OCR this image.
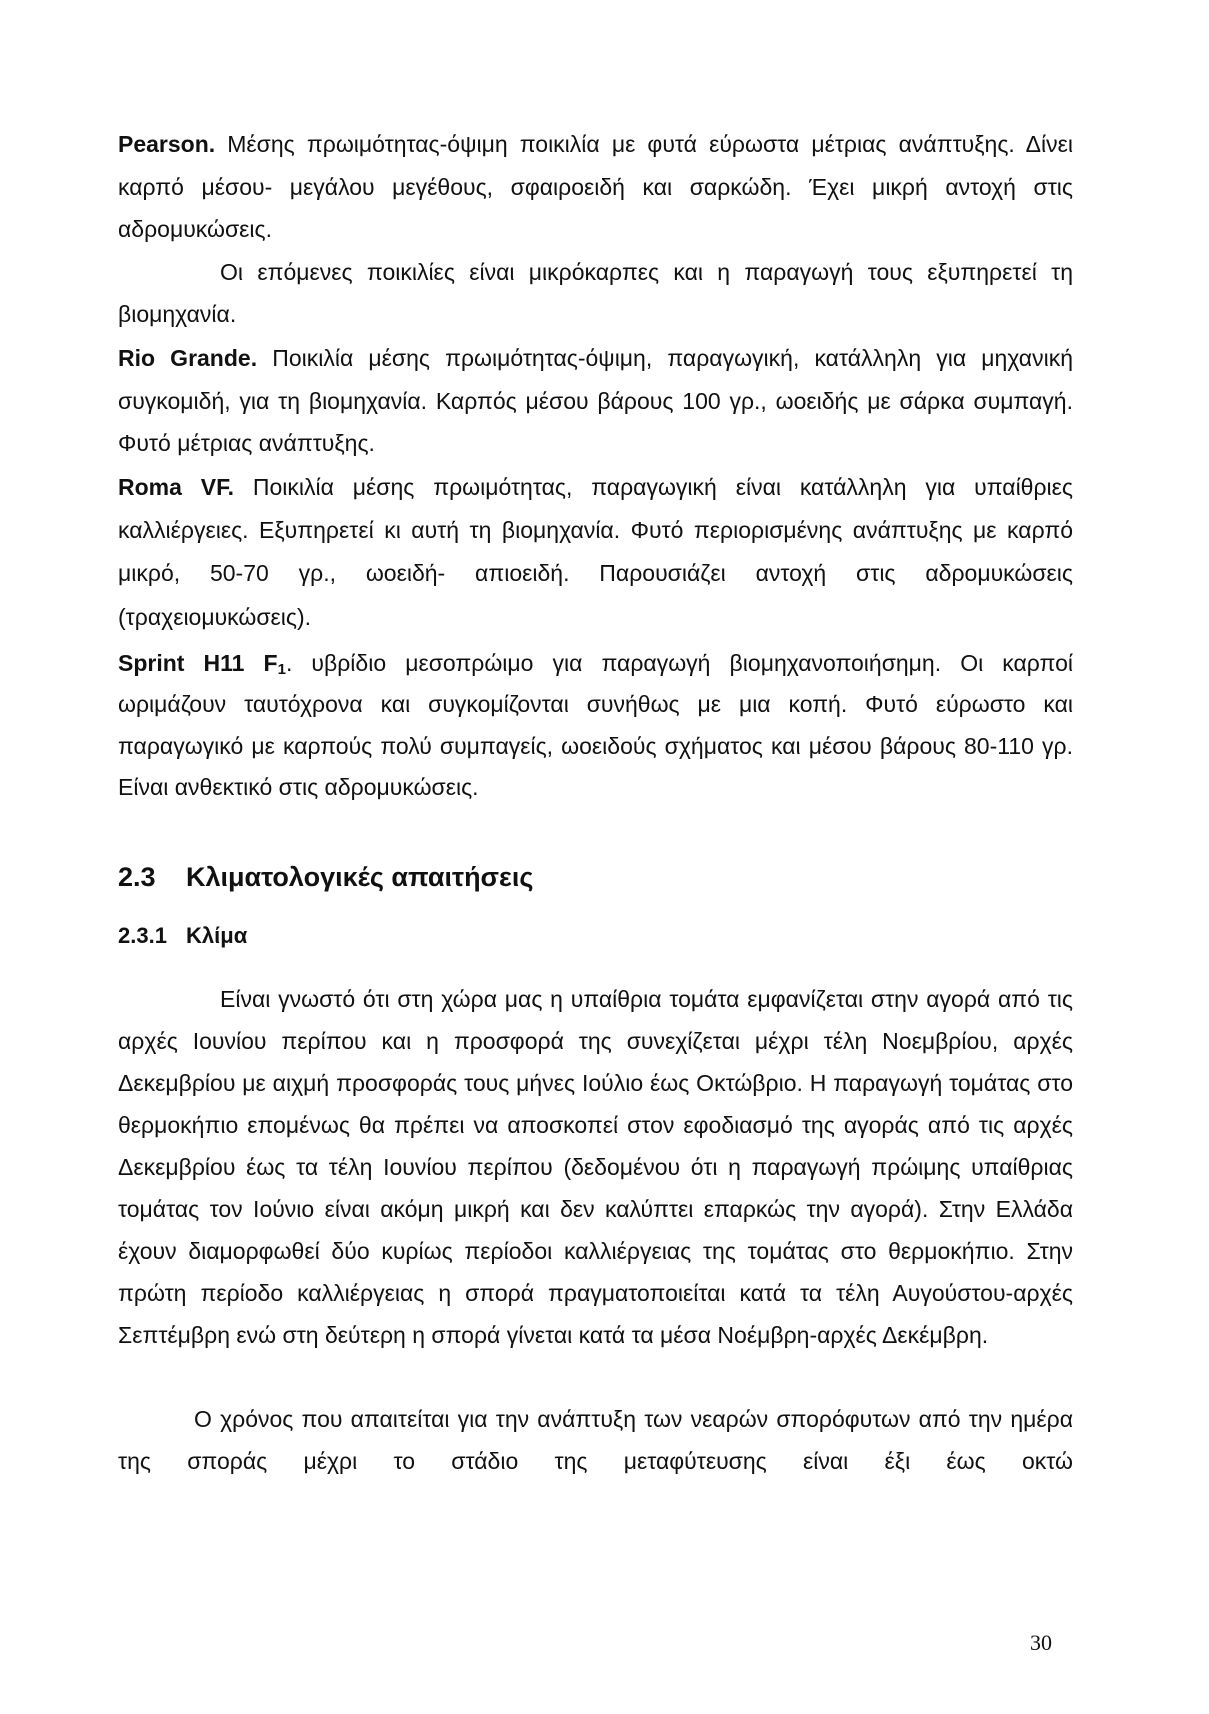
Pearson. Μέσης πρωιμότητας-όψιμη ποικιλία με φυτά εύρωστα μέτριας ανάπτυξης. Δίνει καρπό μέσου- μεγάλου μεγέθους, σφαιροειδή και σαρκώδη. Έχει μικρή αντοχή στις αδρομυκώσεις.

Οι επόμενες ποικιλίες είναι μικρόκαρπες και η παραγωγή τους εξυπηρετεί τη βιομηχανία.

Rio Grande. Ποικιλία μέσης πρωιμότητας-όψιμη, παραγωγική, κατάλληλη για μηχανική συγκομιδή, για τη βιομηχανία. Καρπός μέσου βάρους 100 γρ., ωοειδής με σάρκα συμπαγή. Φυτό μέτριας ανάπτυξης.

Roma VF. Ποικιλία μέσης πρωιμότητας, παραγωγική είναι κατάλληλη για υπαίθριες καλλιέργειες. Εξυπηρετεί κι αυτή τη βιομηχανία. Φυτό περιορισμένης ανάπτυξης με καρπό μικρό, 50-70 γρ., ωοειδή- απιοειδή. Παρουσιάζει αντοχή στις αδρομυκώσεις (τραχειομυκώσεις).

Sprint H11 $F_1$. υβρίδιο μεσοπρώιμο για παραγωγή βιομηχανοποιήσημη. Οι καρποί ωριμάζουν ταυτόχρονα και συγκομίζονται συνήθως με μια κοπή. Φυτό εύρωστο και παραγωγικό με καρπούς πολύ συμπαγείς, ωοειδούς σχήματος και μέσου βάρους 80-110 γρ. Είναι ανθεκτικό στις αδρομυκώσεις.

2.3 Κλιματολογικές απαιτήσεις
2.3.1 Κλίμα

Είναι γνωστό ότι στη χώρα μας η υπαίθρια τομάτα εμφανίζεται στην αγορά από τις αρχές Ιουνίου περίπου και η προσφορά της συνεχίζεται μέχρι τέλη Νοεμβρίου, αρχές Δεκεμβρίου με αιχμή προσφοράς τους μήνες Ιούλιο έως Οκτώβριο. Η παραγωγή τομάτας στο θερμοκήπιο επομένως θα πρέπει να αποσκοπεί στον εφοδιασμό της αγοράς από τις αρχές Δεκεμβρίου έως τα τέλη Ιουνίου περίπου (δεδομένου ότι η παραγωγή πρώιμης υπαίθριας τομάτας τον Ιούνιο είναι ακόμη μικρή και δεν καλύπτει επαρκώς την αγορά). Στην Ελλάδα έχουν διαμορφωθεί δύο κυρίως περίοδοι καλλιέργειας της τομάτας στο θερμοκήπιο. Στην πρώτη περίοδο καλλιέργειας η σπορά πραγματοποιείται κατά τα τέλη Αυγούστου-αρχές Σεπτέμβρη ενώ στη δεύτερη η σπορά γίνεται κατά τα μέσα Νοέμβρη-αρχές Δεκέμβρη.

Ο χρόνος που απαιτείται για την ανάπτυξη των νεαρών σπορόφυτων από την ημέρα της σποράς μέχρι το στάδιο της μεταφύτευσης είναι έξι έως οκτώ

30
